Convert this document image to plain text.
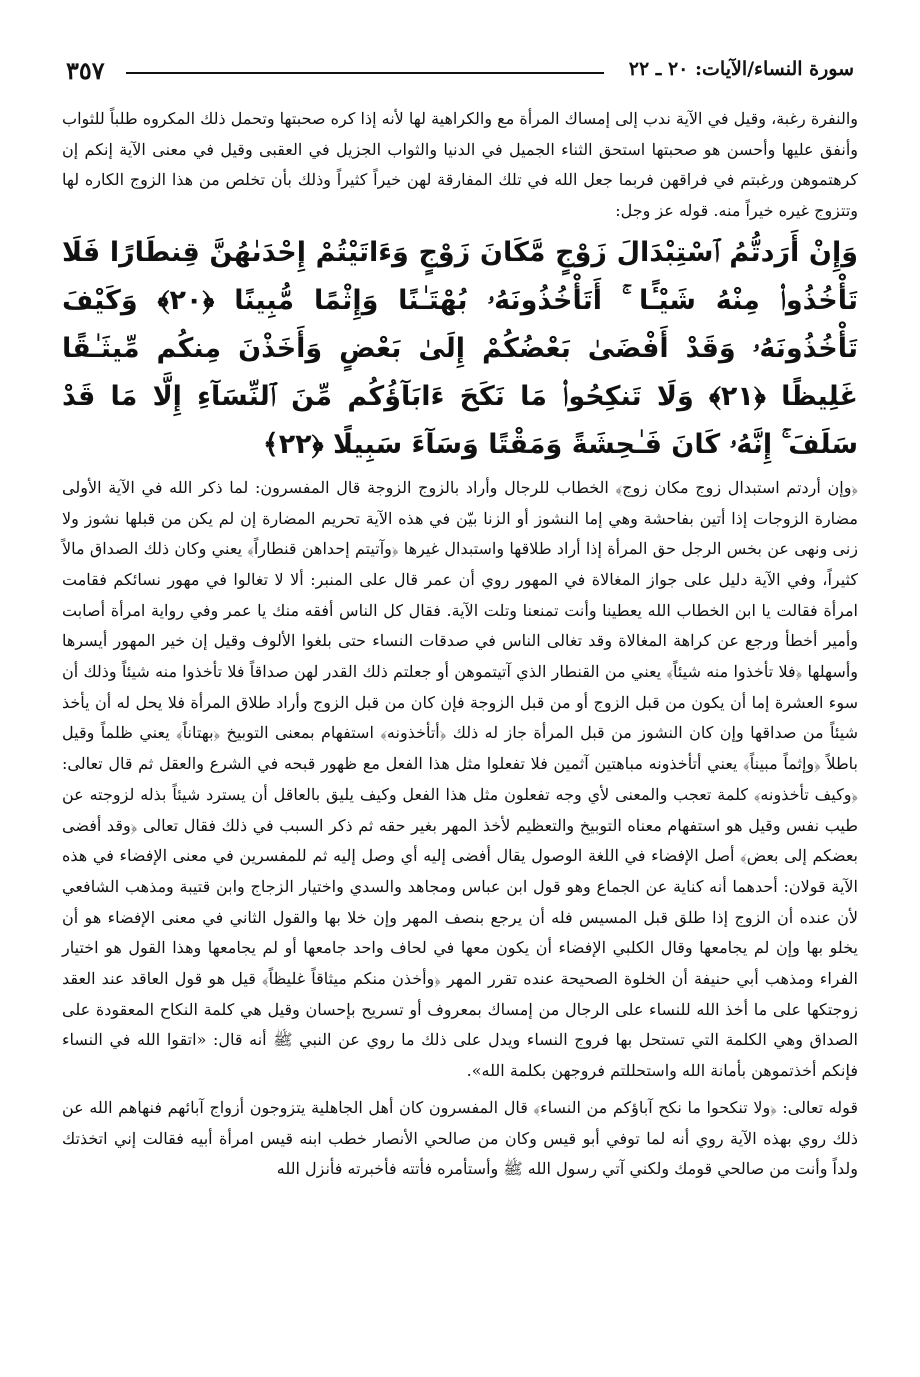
سورة النساء/الآيات: ٢٠ ـ ٢٢
٣٥٧

والنفرة رغبة، وقيل في الآية ندب إلى إمساك المرأة مع والكراهية لها لأنه إذا كره صحبتها وتحمل ذلك المكروه طلباً للثواب وأنفق عليها وأحسن هو صحبتها استحق الثناء الجميل في الدنيا والثواب الجزيل في العقبى وقيل في معنى الآية إنكم إن كرهتموهن ورغبتم في فراقهن فربما جعل الله في تلك المفارقة لهن خيراً كثيراً وذلك بأن تخلص من هذا الزوج الكاره لها وتتزوج غيره خيراً منه. قوله عز وجل:

وَإِنْ أَرَدتُّمُ ٱسْتِبْدَالَ زَوْجٍ مَّكَانَ زَوْجٍ وَءَاتَيْتُمْ إِحْدَىٰهُنَّ قِنطَارًا فَلَا تَأْخُذُوا۟ مِنْهُ شَيْـًٔا ۚ أَتَأْخُذُونَهُۥ بُهْتَـٰنًا وَإِثْمًا مُّبِينًا ﴿٢٠﴾ وَكَيْفَ تَأْخُذُونَهُۥ وَقَدْ أَفْضَىٰ بَعْضُكُمْ إِلَىٰ بَعْضٍ وَأَخَذْنَ مِنكُم مِّيثَـٰقًا غَلِيظًا ﴿٢١﴾ وَلَا تَنكِحُوا۟ مَا نَكَحَ ءَابَآؤُكُم مِّنَ ٱلنِّسَآءِ إِلَّا مَا قَدْ سَلَفَ ۚ إِنَّهُۥ كَانَ فَـٰحِشَةً وَمَقْتًا وَسَآءَ سَبِيلًا ﴿٢٢﴾

﴿وإن أردتم استبدال زوج مكان زوج﴾ الخطاب للرجال وأراد بالزوج الزوجة قال المفسرون: لما ذكر الله في الآية الأولى مضارة الزوجات إذا أتين بفاحشة وهي إما النشوز أو الزنا بيّن في هذه الآية تحريم المضارة إن لم يكن من قبلها نشوز ولا زنى ونهى عن بخس الرجل حق المرأة إذا أراد طلاقها واستبدال غيرها ﴿وآتيتم إحداهن قنطاراً﴾ يعني وكان ذلك الصداق مالاً كثيراً، وفي الآية دليل على جواز المغالاة في المهور روي أن عمر قال على المنبر: ألا لا تغالوا في مهور نسائكم فقامت امرأة فقالت يا ابن الخطاب الله يعطينا وأنت تمنعنا وتلت الآية. فقال كل الناس أفقه منك يا عمر وفي رواية امرأة أصابت وأمير أخطأ ورجع عن كراهة المغالاة وقد تغالى الناس في صدقات النساء حتى بلغوا الألوف وقيل إن خير المهور أيسرها وأسهلها ﴿فلا تأخذوا منه شيئاً﴾ يعني من القنطار الذي آتيتموهن أو جعلتم ذلك القدر لهن صداقاً فلا تأخذوا منه شيئاً وذلك أن سوء العشرة إما أن يكون من قبل الزوج أو من قبل الزوجة فإن كان من قبل الزوج وأراد طلاق المرأة فلا يحل له أن يأخذ شيئاً من صداقها وإن كان النشوز من قبل المرأة جاز له ذلك ﴿أتأخذونه﴾ استفهام بمعنى التوبيخ ﴿بهتاناً﴾ يعني ظلماً وقيل باطلاً ﴿وإثماً مبيناً﴾ يعني أتأخذونه مباهتين آثمين فلا تفعلوا مثل هذا الفعل مع ظهور قبحه في الشرع والعقل ثم قال تعالى: ﴿وكيف تأخذونه﴾ كلمة تعجب والمعنى لأي وجه تفعلون مثل هذا الفعل وكيف يليق بالعاقل أن يسترد شيئاً بذله لزوجته عن طيب نفس وقيل هو استفهام معناه التوبيخ والتعظيم لأخذ المهر بغير حقه ثم ذكر السبب في ذلك فقال تعالى ﴿وقد أفضى بعضكم إلى بعض﴾ أصل الإفضاء في اللغة الوصول يقال أفضى إليه أي وصل إليه ثم للمفسرين في معنى الإفضاء في هذه الآية قولان: أحدهما أنه كناية عن الجماع وهو قول ابن عباس ومجاهد والسدي واختيار الزجاج وابن قتيبة ومذهب الشافعي لأن عنده أن الزوج إذا طلق قبل المسيس فله أن يرجع بنصف المهر وإن خلا بها والقول الثاني في معنى الإفضاء هو أن يخلو بها وإن لم يجامعها وقال الكلبي الإفضاء أن يكون معها في لحاف واحد جامعها أو لم يجامعها وهذا القول هو اختيار الفراء ومذهب أبي حنيفة أن الخلوة الصحيحة عنده تقرر المهر ﴿وأخذن منكم ميثاقاً غليظاً﴾ قيل هو قول العاقد عند العقد زوجتكها على ما أخذ الله للنساء على الرجال من إمساك بمعروف أو تسريح بإحسان وقيل هي كلمة النكاح المعقودة على الصداق وهي الكلمة التي تستحل بها فروج النساء ويدل على ذلك ما روي عن النبي ﷺ أنه قال: «اتقوا الله في النساء فإنكم أخذتموهن بأمانة الله واستحللتم فروجهن بكلمة الله».

قوله تعالى: ﴿ولا تنكحوا ما نكح آباؤكم من النساء﴾ قال المفسرون كان أهل الجاهلية يتزوجون أزواج آبائهم فنهاهم الله عن ذلك روي بهذه الآية روي أنه لما توفي أبو قيس وكان من صالحي الأنصار خطب ابنه قيس امرأة أبيه فقالت إني اتخذتك ولداً وأنت من صالحي قومك ولكني آتي رسول الله ﷺ وأستأمره فأتته فأخبرته فأنزل الله
